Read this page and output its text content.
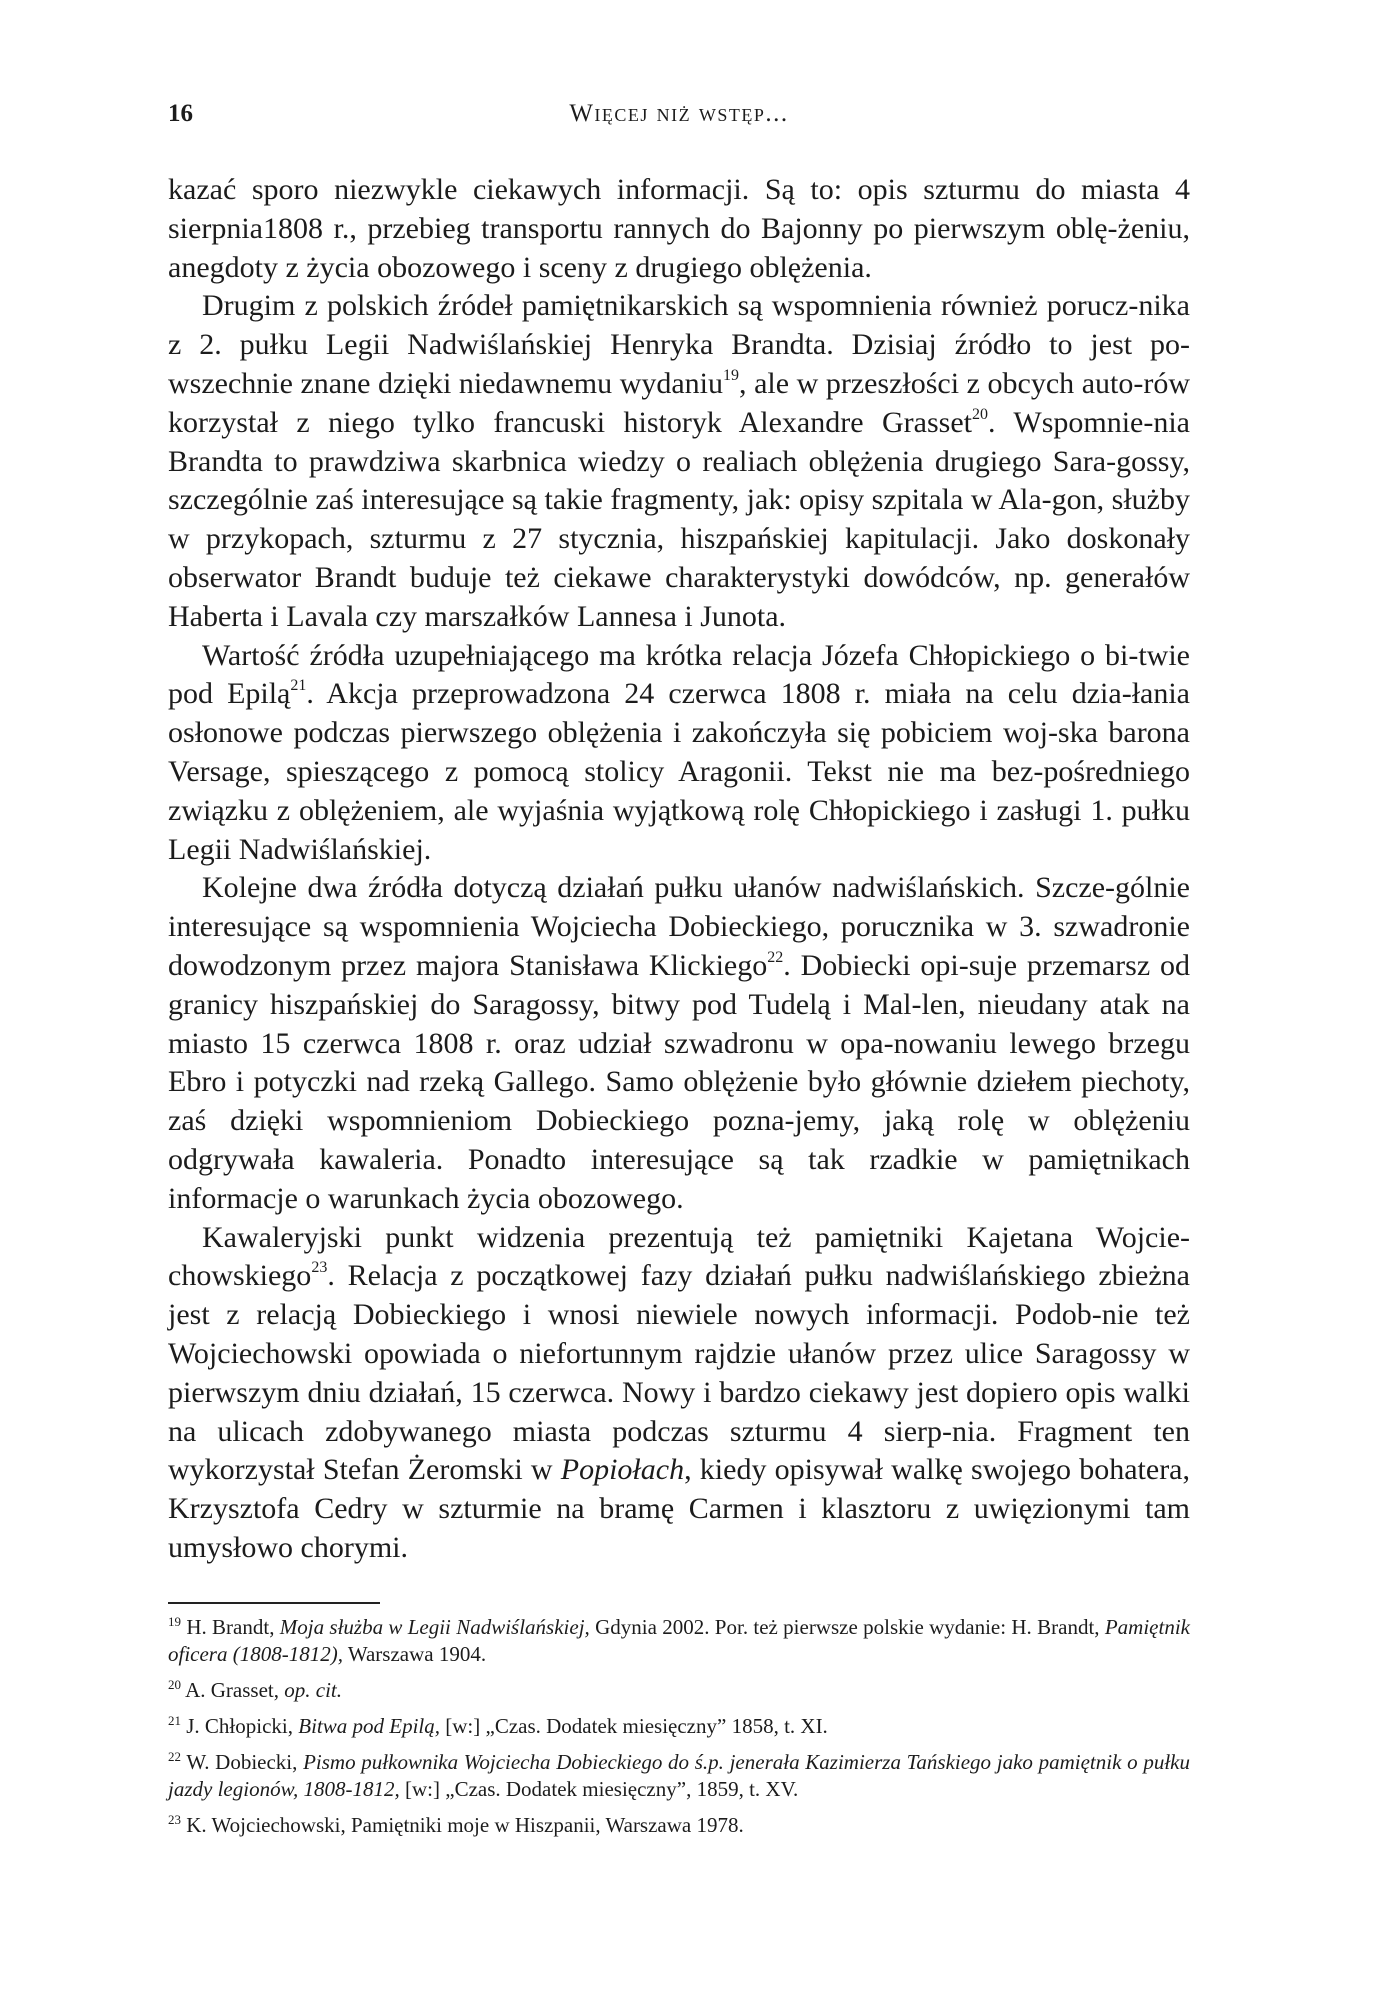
16	Więcej niż wstęp...

kazać sporo niezwykle ciekawych informacji. Są to: opis szturmu do miasta 4 sierpnia1808 r., przebieg transportu rannych do Bajonny po pierwszym oblę-żeniu, anegdoty z życia obozowego i sceny z drugiego oblężenia.

Drugim z polskich źródeł pamiętnikarskich są wspomnienia również porucz-nika z 2. pułku Legii Nadwiślańskiej Henryka Brandta. Dzisiaj źródło to jest po-wszechnie znane dzięki niedawnemu wydaniu$^{19}$, ale w przeszłości z obcych auto-rów korzystał z niego tylko francuski historyk Alexandre Grasset$^{20}$. Wspomnie-nia Brandta to prawdziwa skarbnica wiedzy o realiach oblężenia drugiego Sara-gossy, szczególnie zaś interesujące są takie fragmenty, jak: opisy szpitala w Ala-gon, służby w przykopach, szturmu z 27 stycznia, hiszpańskiej kapitulacji. Jako doskonały obserwator Brandt buduje też ciekawe charakterystyki dowódców, np. generałów Haberta i Lavala czy marszałków Lannesa i Junota.

Wartość źródła uzupełniającego ma krótka relacja Józefa Chłopickiego o bi-twie pod Epilą$^{21}$. Akcja przeprowadzona 24 czerwca 1808 r. miała na celu dzia-łania osłonowe podczas pierwszego oblężenia i zakończyła się pobiciem woj-ska barona Versage, spieszącego z pomocą stolicy Aragonii. Tekst nie ma bez-pośredniego związku z oblężeniem, ale wyjaśnia wyjątkową rolę Chłopickiego i zasługi 1. pułku Legii Nadwiślańskiej.

Kolejne dwa źródła dotyczą działań pułku ułanów nadwiślańskich. Szcze-gólnie interesujące są wspomnienia Wojciecha Dobieckiego, porucznika w 3. szwadronie dowodzonym przez majora Stanisława Klickiego$^{22}$. Dobiecki opi-suje przemarsz od granicy hiszpańskiej do Saragossy, bitwy pod Tudelą i Mal-len, nieudany atak na miasto 15 czerwca 1808 r. oraz udział szwadronu w opa-nowaniu lewego brzegu Ebro i potyczki nad rzeką Gallego. Samo oblężenie było głównie dziełem piechoty, zaś dzięki wspomnieniom Dobieckiego pozna-jemy, jaką rolę w oblężeniu odgrywała kawaleria. Ponadto interesujące są tak rzadkie w pamiętnikach informacje o warunkach życia obozowego.

Kawaleryjski punkt widzenia prezentują też pamiętniki Kajetana Wojcie-chowskiego$^{23}$. Relacja z początkowej fazy działań pułku nadwiślańskiego zbieżna jest z relacją Dobieckiego i wnosi niewiele nowych informacji. Podob-nie też Wojciechowski opowiada o niefortunnym rajdzie ułanów przez ulice Saragossy w pierwszym dniu działań, 15 czerwca. Nowy i bardzo ciekawy jest dopiero opis walki na ulicach zdobywanego miasta podczas szturmu 4 sierp-nia. Fragment ten wykorzystał Stefan Żeromski w Popiołach, kiedy opisywał walkę swojego bohatera, Krzysztofa Cedry w szturmie na bramę Carmen i klasztoru z uwięzionymi tam umysłowo chorymi.

$^{19}$ H. Brandt, Moja służba w Legii Nadwiślańskiej, Gdynia 2002. Por. też pierwsze polskie wydanie: H. Brandt, Pamiętnik oficera (1808-1812), Warszawa 1904.

$^{20}$ A. Grasset, op. cit.

$^{21}$ J. Chłopicki, Bitwa pod Epilą, [w:] „Czas. Dodatek miesięczny” 1858, t. XI.

$^{22}$ W. Dobiecki, Pismo pułkownika Wojciecha Dobieckiego do ś.p. jenerała Kazimierza Tańskiego jako pamiętnik o pułku jazdy legionów, 1808-1812, [w:] „Czas. Dodatek miesięczny”, 1859, t. XV.

$^{23}$ K. Wojciechowski, Pamiętniki moje w Hiszpanii, Warszawa 1978.
